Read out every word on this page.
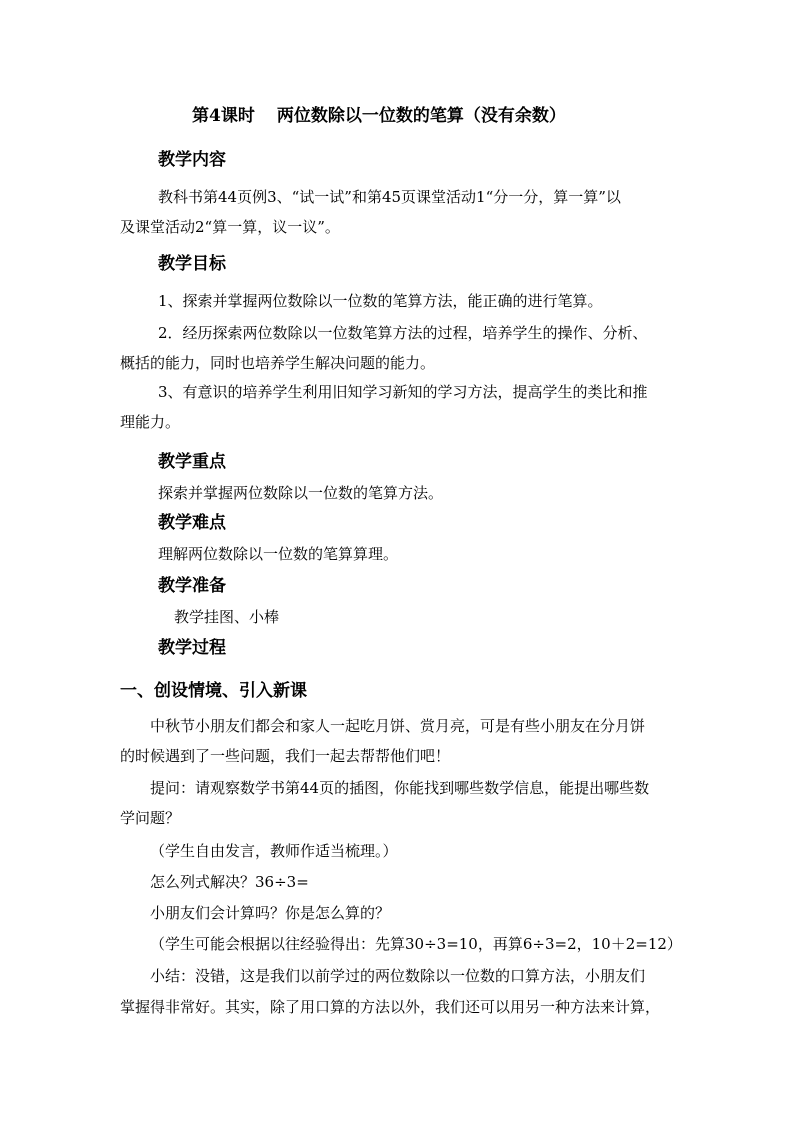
第4课时 两位数除以一位数的笔算（没有余数）
教学内容
教科书第44页例3、“试一试”和第45页课堂活动1“分一分，算一算”以
及课堂活动2“算一算，议一议”。
教学目标
1、探索并掌握两位数除以一位数的笔算方法，能正确的进行笔算。
2．经历探索两位数除以一位数笔算方法的过程，培养学生的操作、分析、
概括的能力，同时也培养学生解决问题的能力。
3、有意识的培养学生利用旧知学习新知的学习方法，提高学生的类比和推
理能力。
教学重点
探索并掌握两位数除以一位数的笔算方法。
教学难点
理解两位数除以一位数的笔算算理。
教学准备
教学挂图、小棒
教学过程
一、创设情境、引入新课
中秋节小朋友们都会和家人一起吃月饼、赏月亮，可是有些小朋友在分月饼
的时候遇到了一些问题，我们一起去帮帮他们吧！
提问：请观察数学书第44页的插图，你能找到哪些数学信息，能提出哪些数
学问题？
（学生自由发言，教师作适当梳理。）
怎么列式解决？36÷3=
小朋友们会计算吗？你是怎么算的？
（学生可能会根据以往经验得出：先算30÷3=10，再算6÷3=2，10＋2=12）
小结：没错，这是我们以前学过的两位数除以一位数的口算方法，小朋友们
掌握得非常好。其实，除了用口算的方法以外，我们还可以用另一种方法来计算，
